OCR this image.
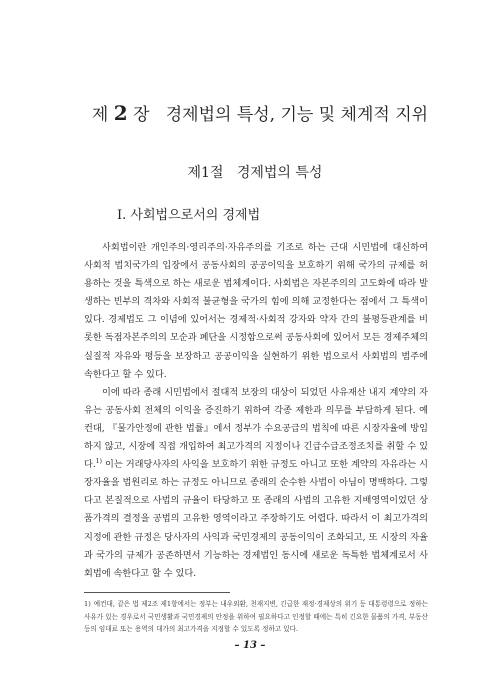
제 2 장 경제법의 특성, 기능 및 체계적 지위
제1절 경제법의 특성
I. 사회법으로서의 경제법

사회법이란 개인주의·영리주의·자유주의를 기조로 하는 근대 시민법에 대신하여 사회적 법치국가의 입장에서 공동사회의 공공이익을 보호하기 위해 국가의 규제를 허용하는 것을 특색으로 하는 새로운 법체계이다. 사회법은 자본주의의 고도화에 따라 발생하는 빈부의 격차와 사회적 불균형을 국가의 힘에 의해 교정한다는 점에서 그 특색이 있다. 경제법도 그 이념에 있어서는 경제적·사회적 강자와 약자 간의 불평등관계를 비롯한 독점자본주의의 모순과 폐단을 시정함으로써 공동사회에 있어서 모든 경제주체의 실질적 자유와 평등을 보장하고 공공이익을 실현하기 위한 법으로서 사회법의 범주에 속한다고 할 수 있다.

이에 따라 종래 시민법에서 절대적 보장의 대상이 되었던 사유재산 내지 계약의 자유는 공동사회 전체의 이익을 증진하기 위하여 각종 제한과 의무를 부담하게 된다. 예컨대, 『물가안정에 관한 법률』에서 정부가 수요공급의 법칙에 따른 시장자율에 방임하지 않고, 시장에 직접 개입하여 최고가격의 지정이나 긴급수급조정조치를 취할 수 있다.$^{1)}$ 이는 거래당사자의 사익을 보호하기 위한 규정도 아니고 또한 계약의 자유라는 시장자율을 법원리로 하는 규정도 아니므로 종래의 순수한 사법이 아님이 명백하다. 그렇다고 본질적으로 사법의 규율이 타당하고 또 종래의 사법의 고유한 지배영역이었던 상품가격의 결정을 공법의 고유한 영역이라고 주장하기도 어렵다. 따라서 이 최고가격의 지정에 관한 규정은 당사자의 사익과 국민경제의 공동이익이 조화되고, 또 시장의 자율과 국가의 규제가 공존하면서 기능하는 경제법인 동시에 새로운 독특한 법체계로서 사회법에 속한다고 할 수 있다.

1) 예컨대, 같은 법 제2조 제1항에서는 정부는 내우외환, 천재지변, 긴급한 재정·경제상의 위기 등 대통령령으로 정하는 사유가 있는 경우로서 국민생활과 국민경제의 안정을 위하여 필요하다고 인정할 때에는 특히 긴요한 물품의 가격, 부동산 등의 임대료 또는 용역의 대가의 최고가격을 지정할 수 있도록 정하고 있다.
– 13 –
